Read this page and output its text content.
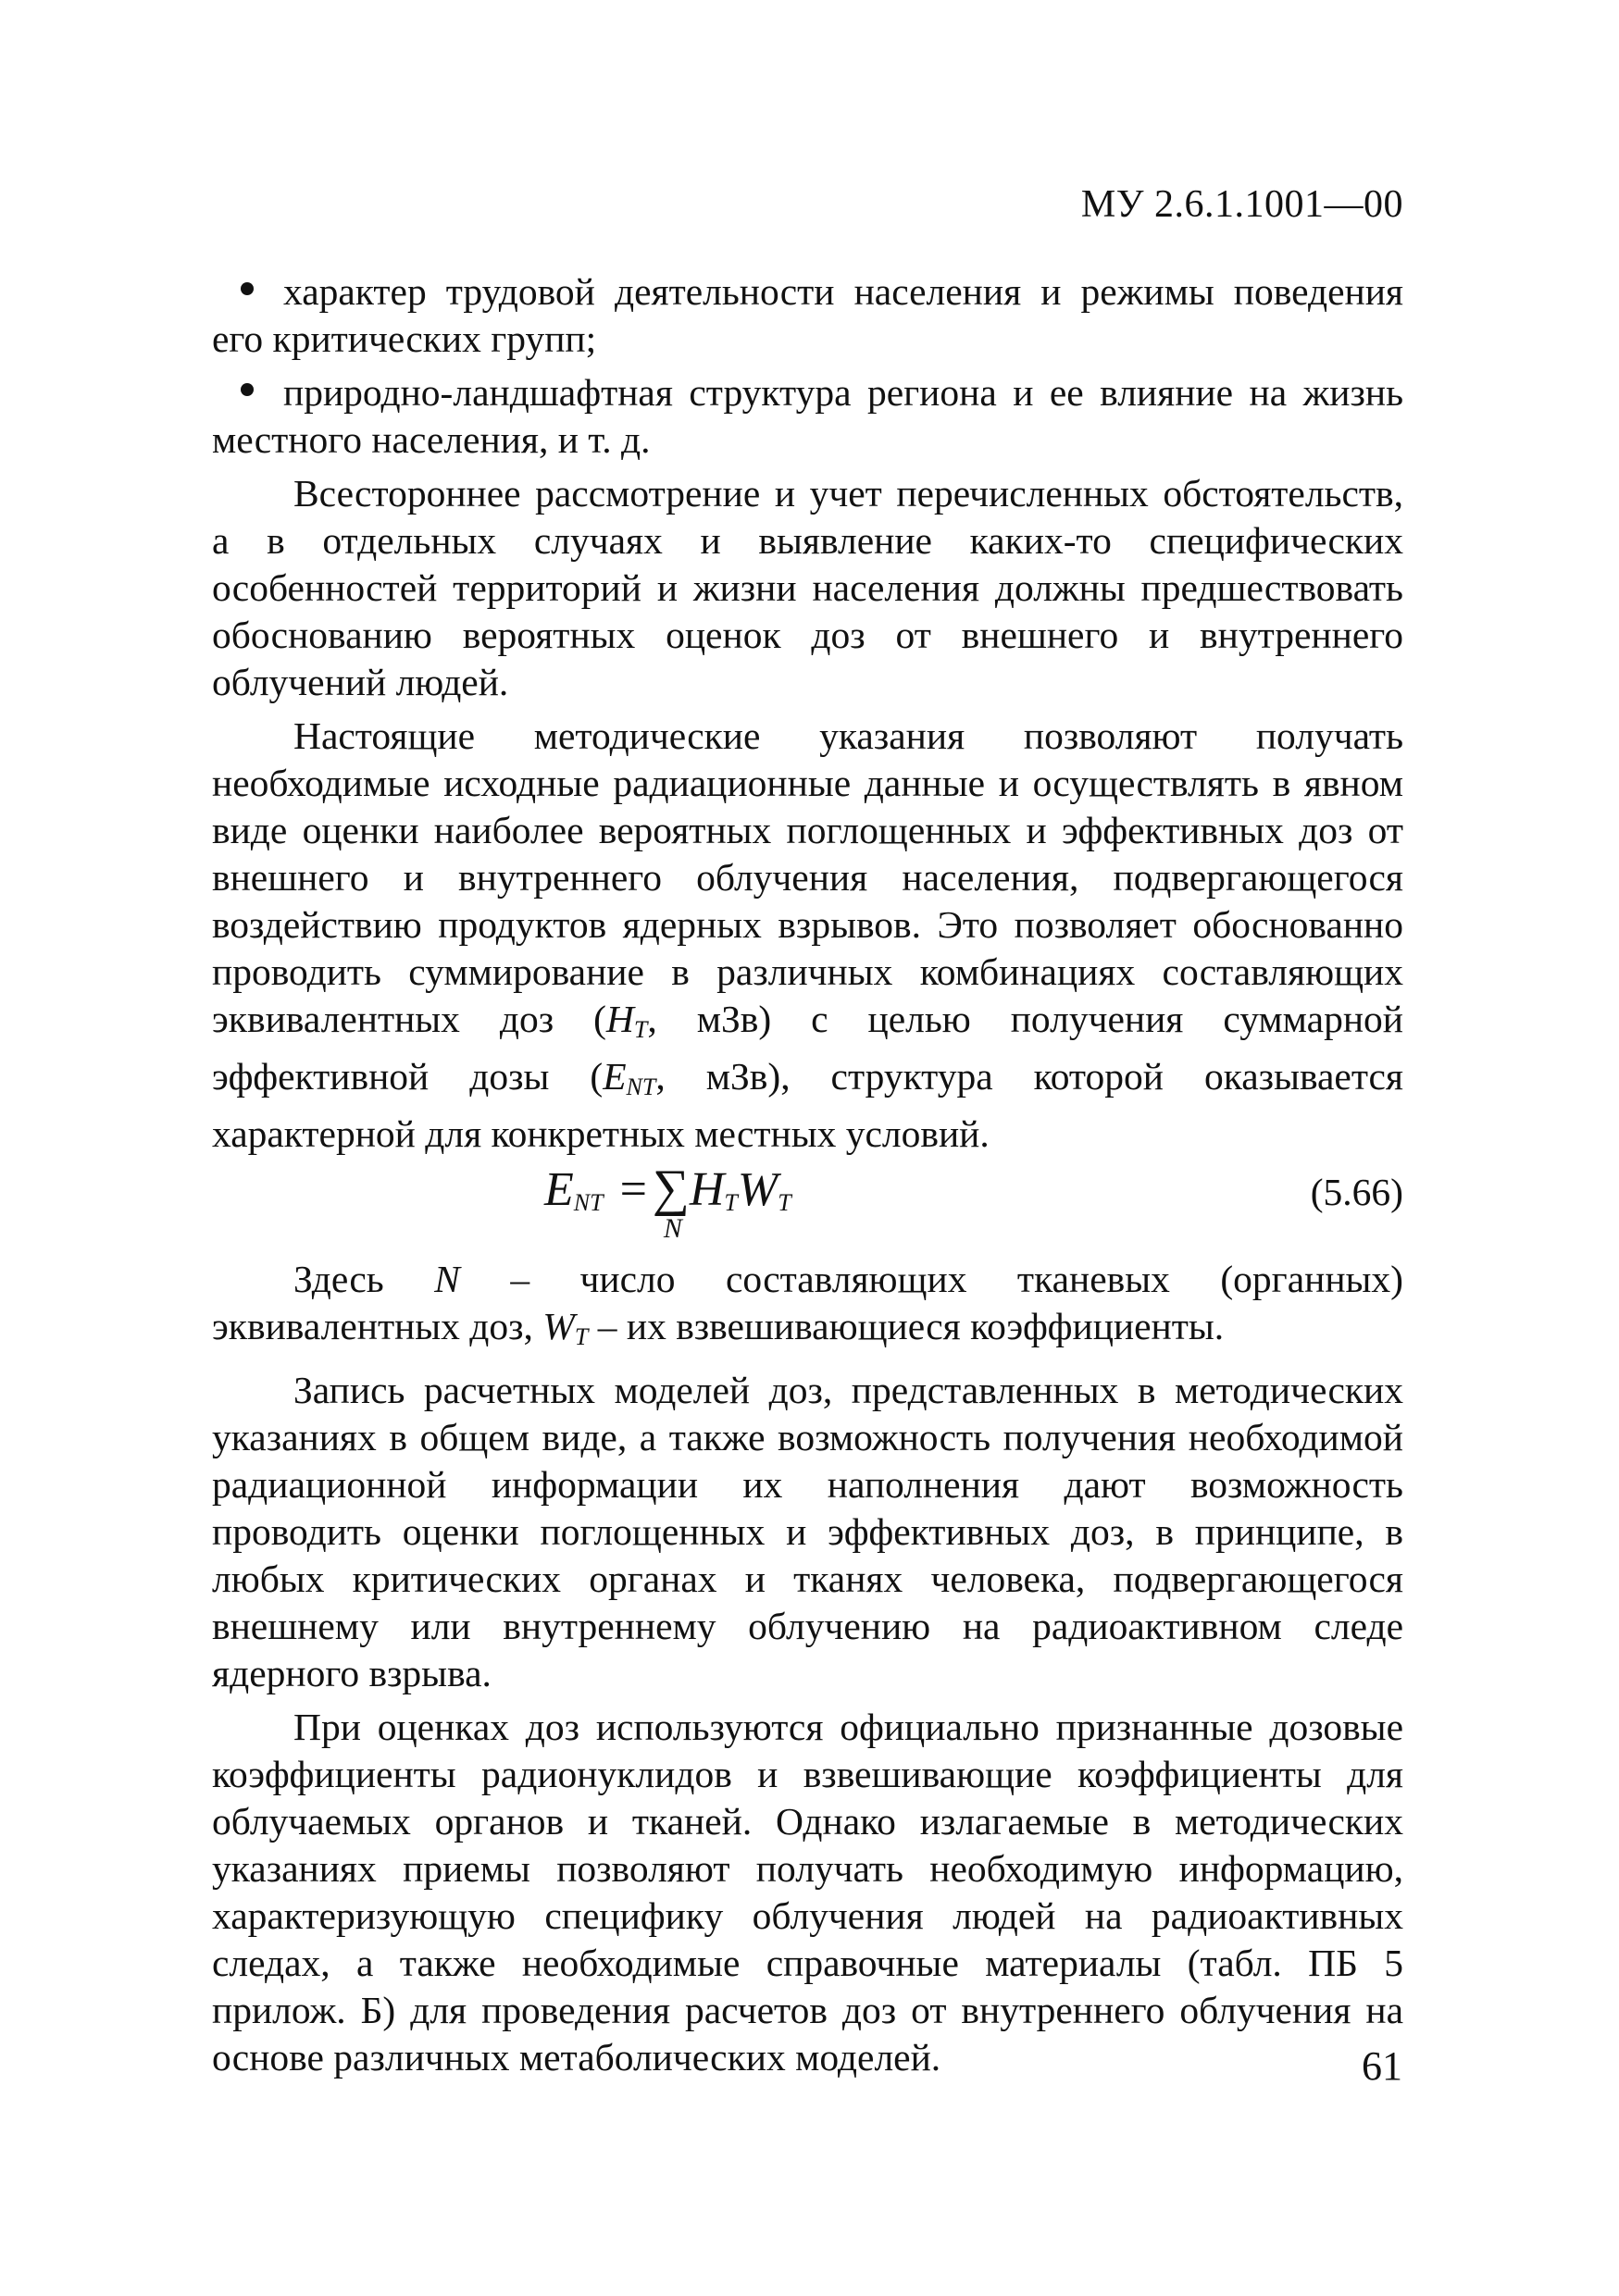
МУ 2.6.1.1001—00

характер трудовой деятельности населения и режимы поведения его критических групп;

природно-ландшафтная структура региона и ее влияние на жизнь местного населения, и т. д.

Всестороннее рассмотрение и учет перечисленных обстоятельств, а в отдельных случаях и выявление каких-то специфических особенностей территорий и жизни населения должны предшествовать обоснованию вероятных оценок доз от внешнего и внутреннего облучений людей.

Настоящие методические указания позволяют получать необходимые исходные радиационные данные и осуществлять в явном виде оценки наиболее вероятных поглощенных и эффективных доз от внешнего и внутреннего облучения населения, подвергающегося воздействию продуктов ядерных взрывов. Это позволяет обоснованно проводить суммирование в различных комбинациях составляющих эквивалентных доз ($H_T$, мЗв) с целью получения суммарной эффективной дозы ($E_{NT}$, мЗв), структура которой оказывается характерной для конкретных местных условий.

$E_{NT}$ = ∑
N
$H_TW_T$	(5.66)

Здесь N – число составляющих тканевых (органных) эквивалентных доз, $W_T$ – их взвешивающиеся коэффициенты.

Запись расчетных моделей доз, представленных в методических указаниях в общем виде, а также возможность получения необходимой радиационной информации их наполнения дают возможность проводить оценки поглощенных и эффективных доз, в принципе, в любых критических органах и тканях человека, подвергающегося внешнему или внутреннему облучению на радиоактивном следе ядерного взрыва.

При оценках доз используются официально признанные дозовые коэффициенты радионуклидов и взвешивающие коэффициенты для облучаемых органов и тканей. Однако излагаемые в методических указаниях приемы позволяют получать необходимую информацию, характеризующую специфику облучения людей на радиоактивных следах, а также необходимые справочные материалы (табл. ПБ 5 прилож. Б) для проведения расчетов доз от внутреннего облучения на основе различных метаболических моделей.	61
